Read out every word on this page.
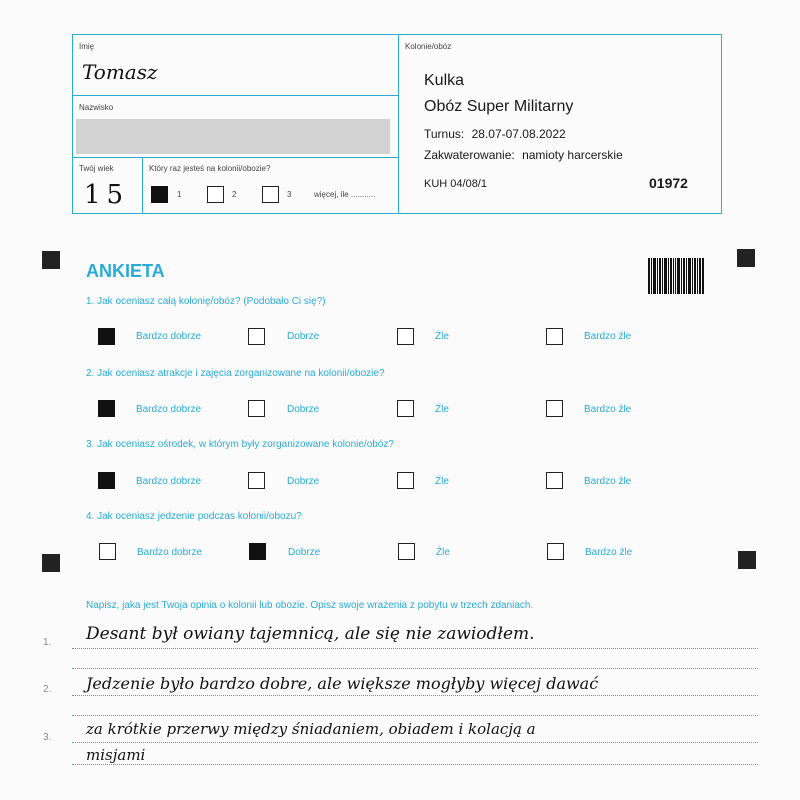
Imię
Tomasz
Nazwisko
Twój wiek
15
Który raz jesteś na kolonii/obozie?
1	2	3	więcej, ile ...........
Kolonie/obóz
Kulka
Obóz Super Militarny
Turnus: 28.07-07.08.2022
Zakwaterowanie: namioty harcerskie
KUH 04/08/1	01972
ANKIETA
1. Jak oceniasz całą kolonię/obóz? (Podobało Ci się?)
Bardzo dobrze	Dobrze	Źle	Bardzo źle
2. Jak oceniasz atrakcje i zajęcia zorganizowane na kolonii/obozie?
Bardzo dobrze	Dobrze	Źle	Bardzo źle
3. Jak oceniasz ośrodek, w którym były zorganizowane kolonie/obóz?
Bardzo dobrze	Dobrze	Źle	Bardzo źle
4. Jak oceniasz jedzenie podczas kolonii/obozu?
Bardzo dobrze	Dobrze	Źle	Bardzo źle
Napisz, jaka jest Twoja opinia o kolonii lub obozie. Opisz swoje wrażenia z pobytu w trzech zdaniach.
1. Desant był owiany tajemnicą, ale się nie zawiodłem.
2. Jedzenie było bardzo dobre, ale większe mogłyby więcej dawać
3. za krótkie przerwy między śniadaniem, obiadem i kolacją a
misjami
